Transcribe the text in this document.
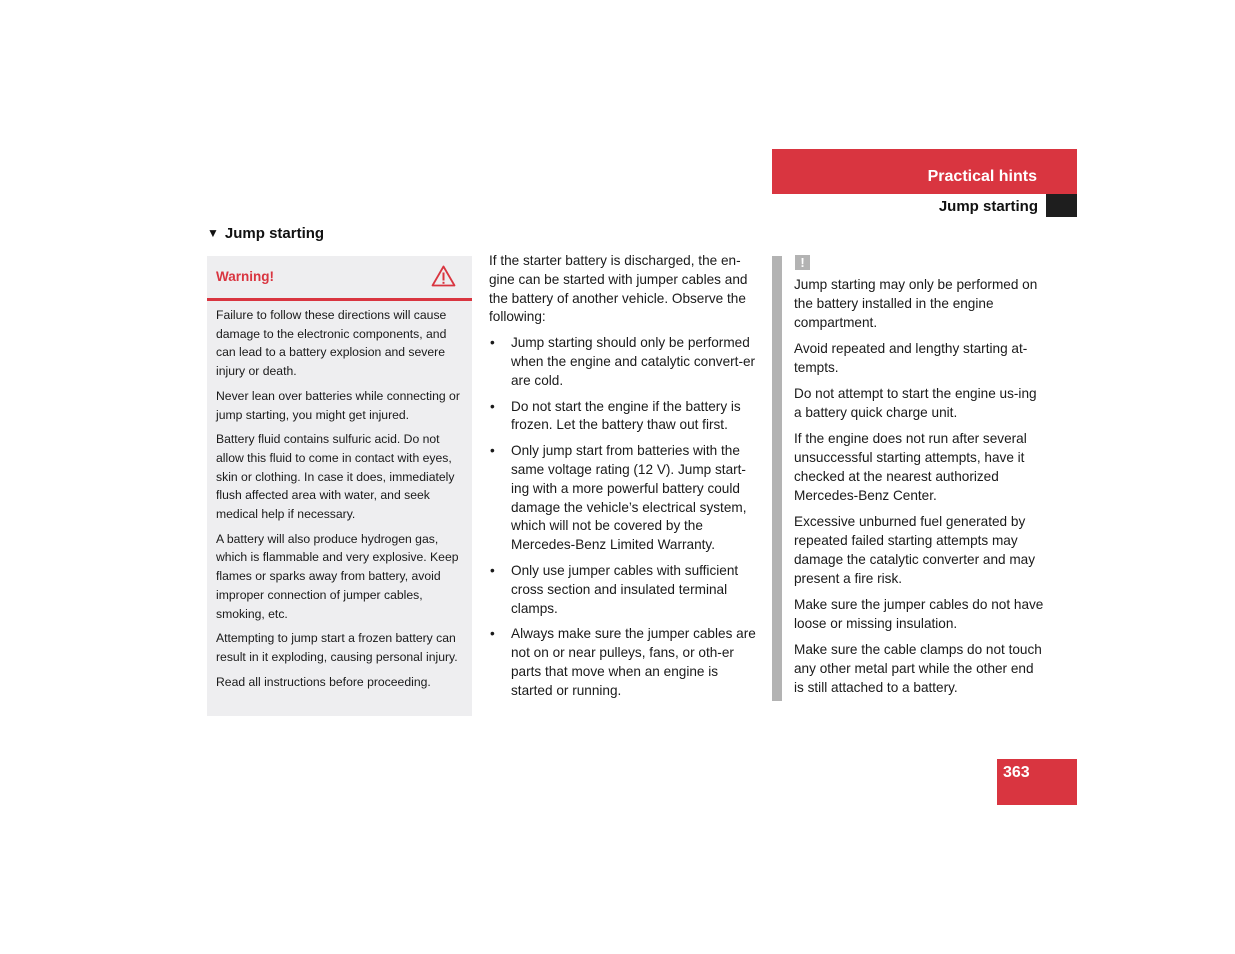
Practical hints
Jump starting
▼ Jump starting
Warning!

Failure to follow these directions will cause damage to the electronic components, and can lead to a battery explosion and severe injury or death.

Never lean over batteries while connecting or jump starting, you might get injured.

Battery fluid contains sulfuric acid. Do not allow this fluid to come in contact with eyes, skin or clothing. In case it does, immediately flush affected area with water, and seek medical help if necessary.

A battery will also produce hydrogen gas, which is flammable and very explosive. Keep flames or sparks away from battery, avoid improper connection of jumper cables, smoking, etc.

Attempting to jump start a frozen battery can result in it exploding, causing personal injury.

Read all instructions before proceeding.

If the starter battery is discharged, the en-gine can be started with jumper cables and the battery of another vehicle. Observe the following:

• Jump starting should only be performed when the engine and catalytic convert-er are cold.
• Do not start the engine if the battery is frozen. Let the battery thaw out first.
• Only jump start from batteries with the same voltage rating (12 V). Jump start-ing with a more powerful battery could damage the vehicle’s electrical system, which will not be covered by the Mercedes-Benz Limited Warranty.
• Only use jumper cables with sufficient cross section and insulated terminal clamps.
• Always make sure the jumper cables are not on or near pulleys, fans, or oth-er parts that move when an engine is started or running.
!

Jump starting may only be performed on the battery installed in the engine compartment.

Avoid repeated and lengthy starting at-tempts.

Do not attempt to start the engine us-ing a battery quick charge unit.

If the engine does not run after several unsuccessful starting attempts, have it checked at the nearest authorized Mercedes-Benz Center.

Excessive unburned fuel generated by repeated failed starting attempts may damage the catalytic converter and may present a fire risk.

Make sure the jumper cables do not have loose or missing insulation.

Make sure the cable clamps do not touch any other metal part while the other end is still attached to a battery.

363
